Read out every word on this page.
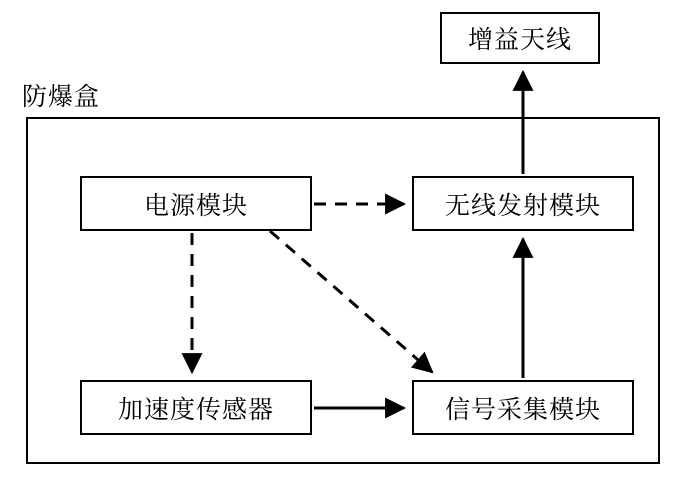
防爆盒
增益天线
电源模块	无线发射模块
加速度传感器	信号采集模块
